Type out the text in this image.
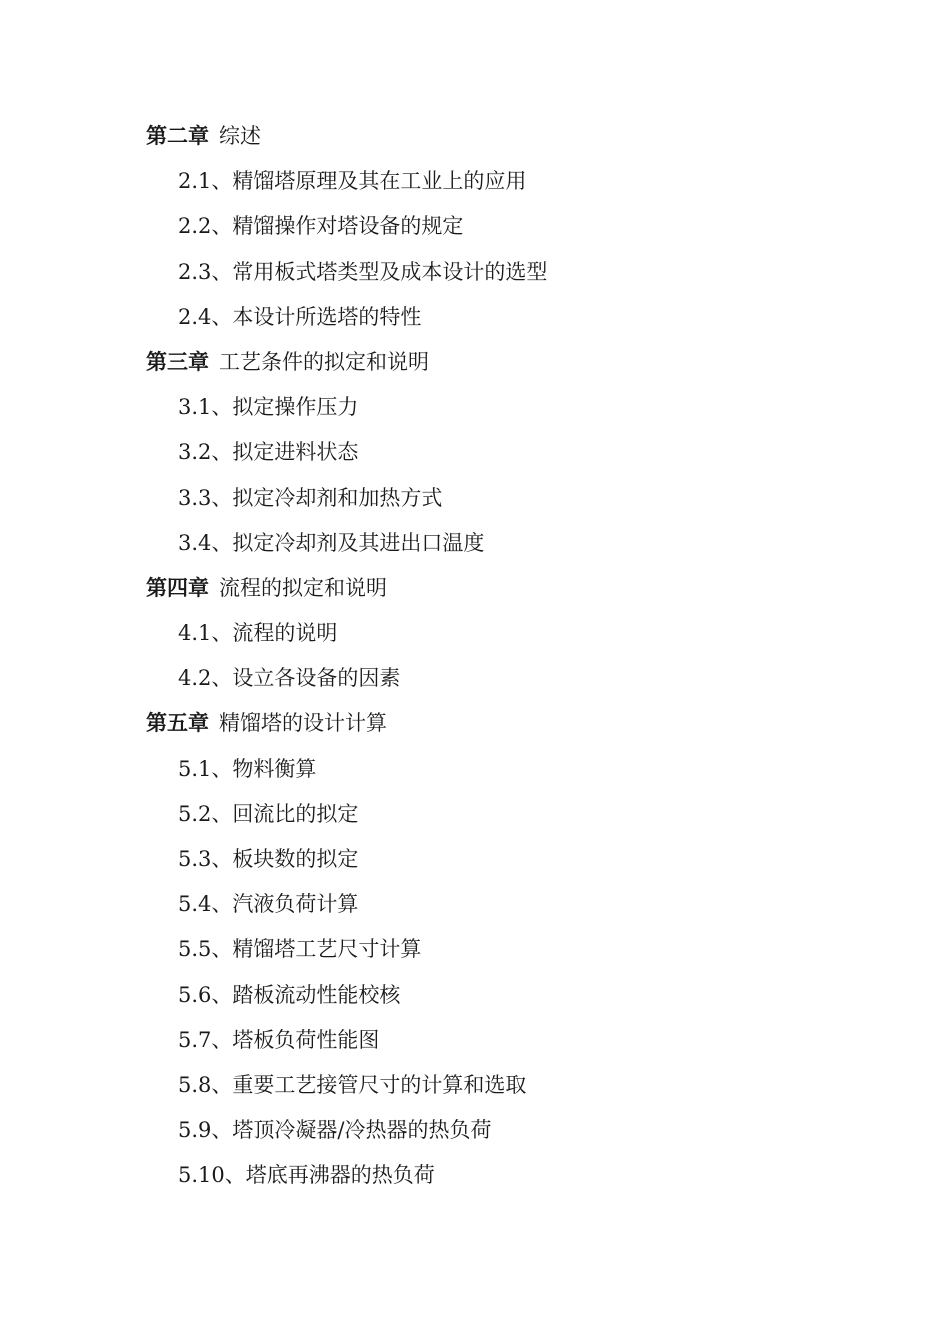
第二章 综述
2.1、精馏塔原理及其在工业上的应用
2.2、精馏操作对塔设备的规定
2.3、常用板式塔类型及成本设计的选型
2.4、本设计所选塔的特性
第三章 工艺条件的拟定和说明
3.1、拟定操作压力
3.2、拟定进料状态
3.3、拟定冷却剂和加热方式
3.4、拟定冷却剂及其进出口温度
第四章 流程的拟定和说明
4.1、流程的说明
4.2、设立各设备的因素
第五章 精馏塔的设计计算
5.1、物料衡算
5.2、回流比的拟定
5.3、板块数的拟定
5.4、汽液负荷计算
5.5、精馏塔工艺尺寸计算
5.6、踏板流动性能校核
5.7、塔板负荷性能图
5.8、重要工艺接管尺寸的计算和选取
5.9、塔顶冷凝器/冷热器的热负荷
5.10、塔底再沸器的热负荷
